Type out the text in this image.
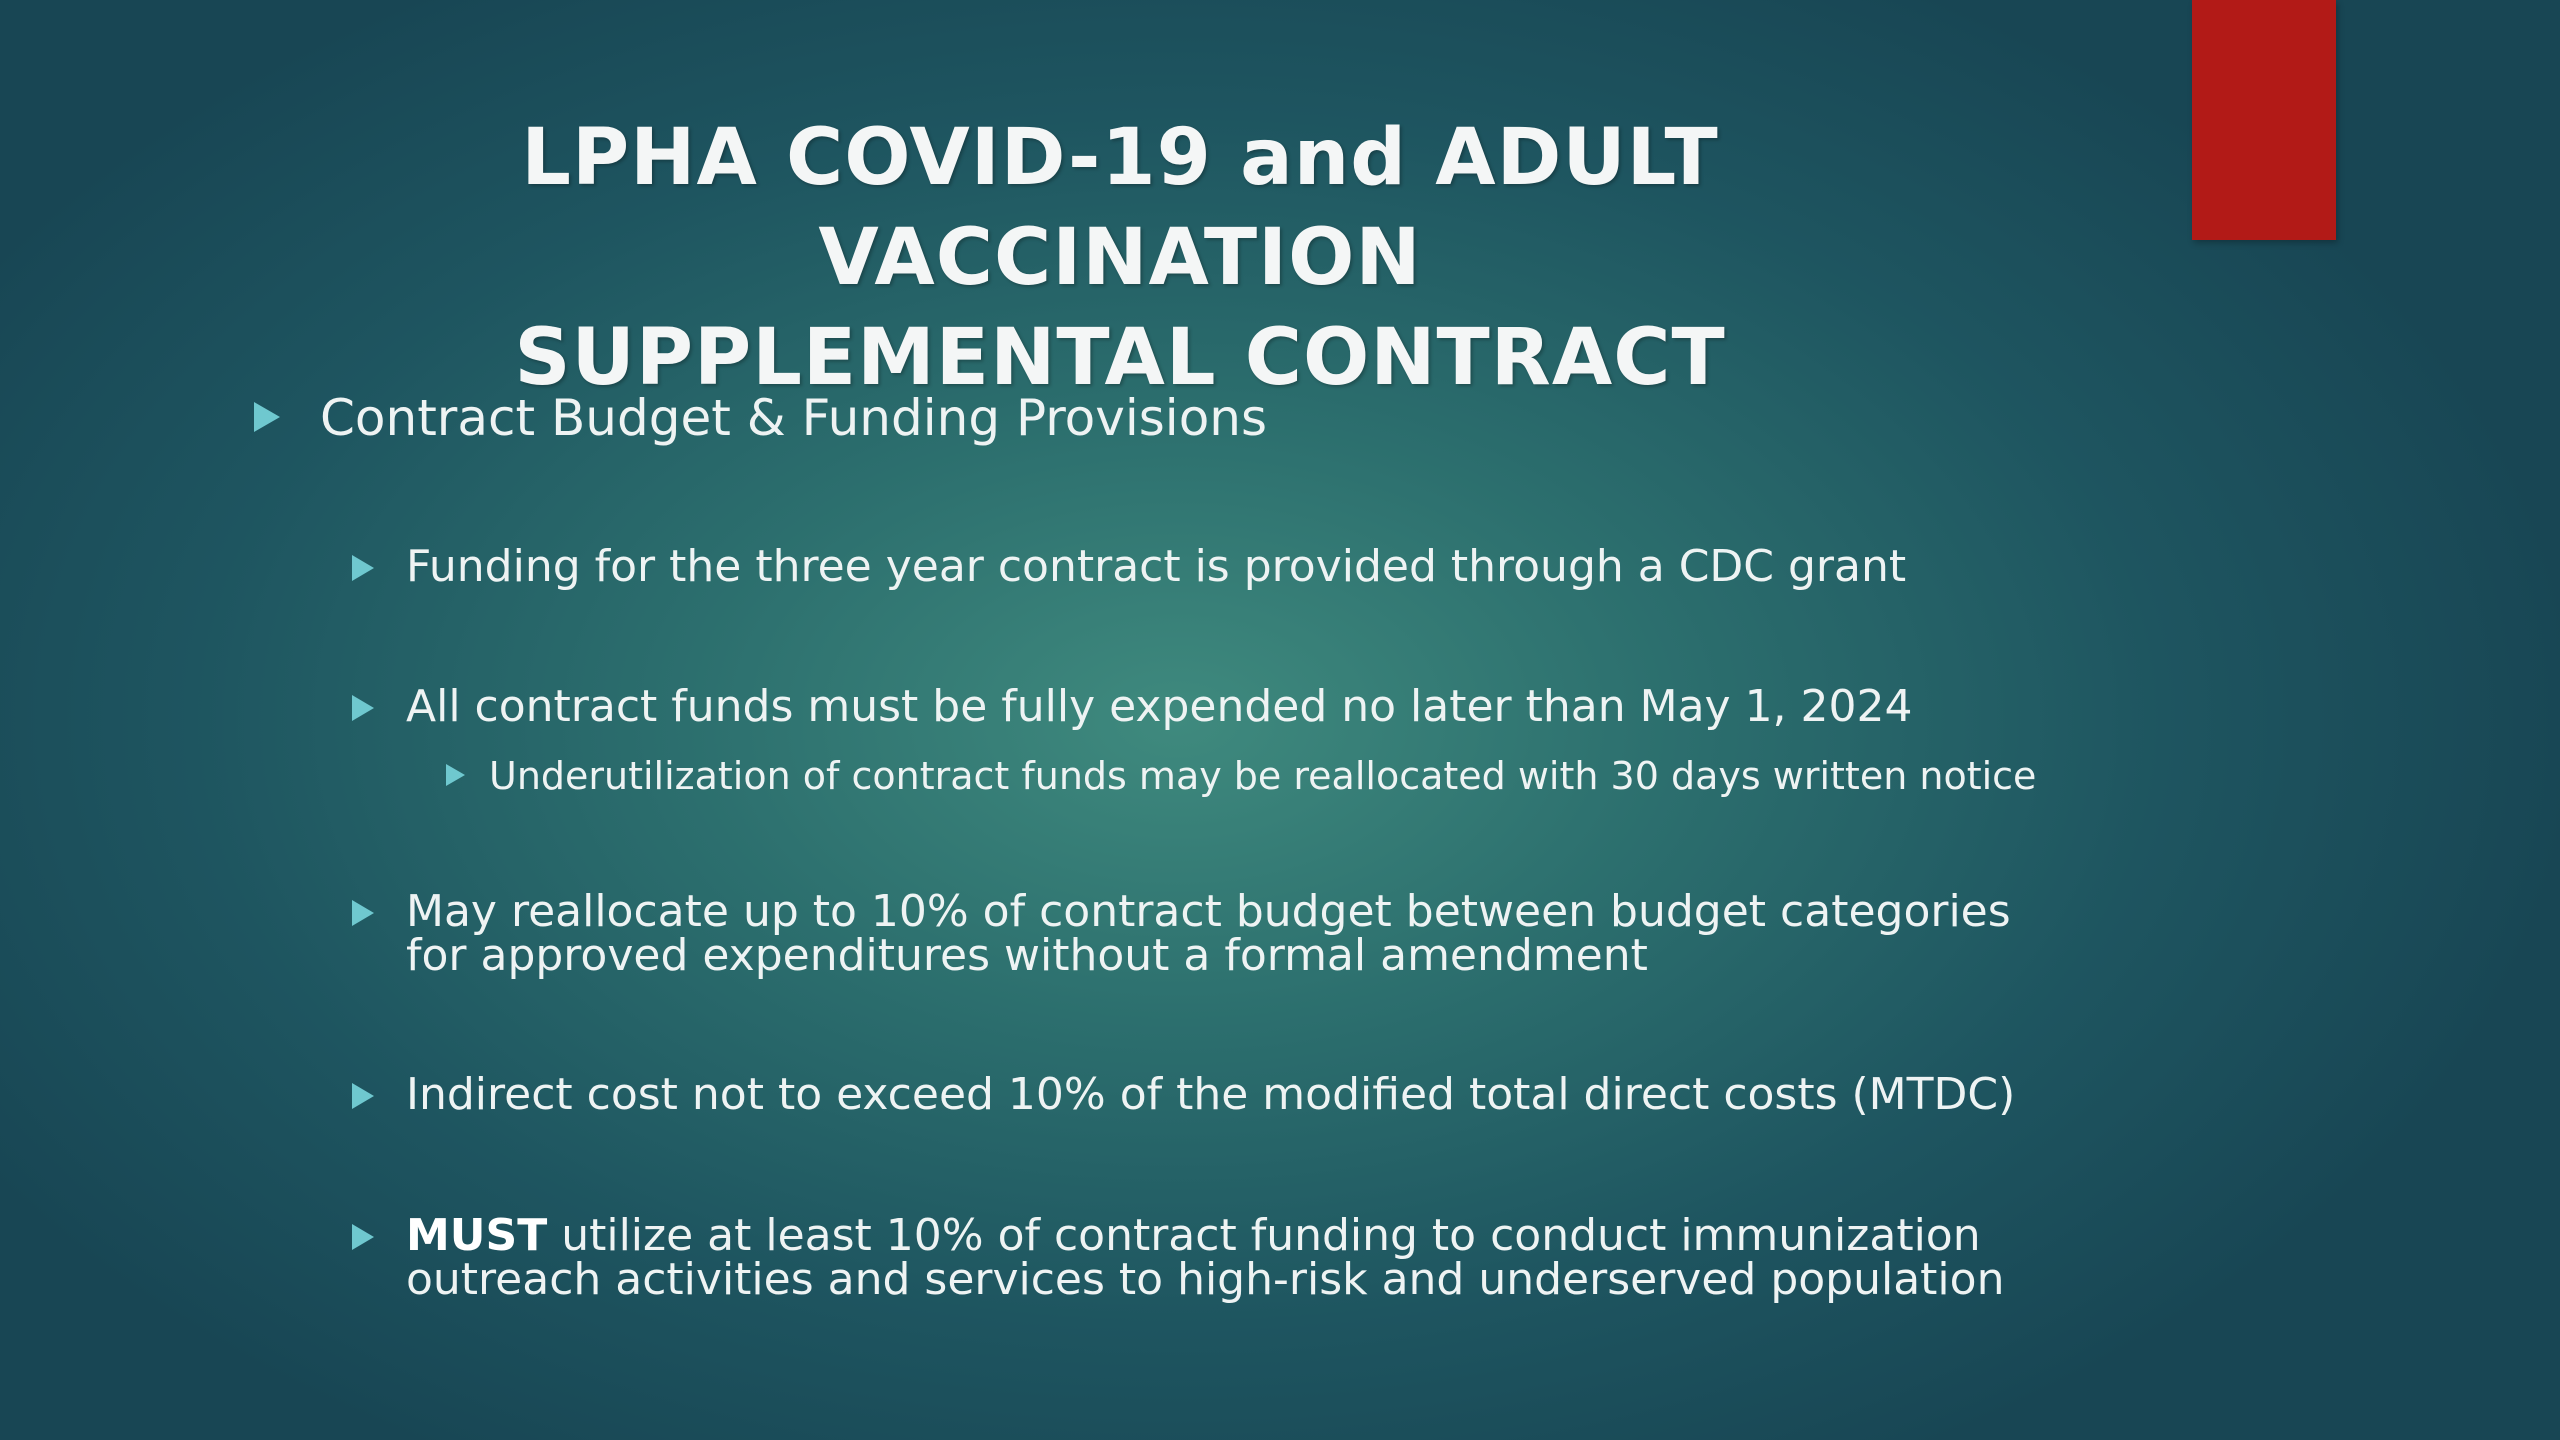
LPHA COVID-19 and ADULT VACCINATION
SUPPLEMENTAL CONTRACT
Contract Budget & Funding Provisions
Funding for the three year contract is provided through a CDC grant
All contract funds must be fully expended no later than May 1, 2024
Underutilization of contract funds may be reallocated with 30 days written notice
May reallocate up to 10% of contract budget between budget categories
for approved expenditures without a formal amendment
Indirect cost not to exceed 10% of the modified total direct costs (MTDC)
MUST utilize at least 10% of contract funding to conduct immunization
outreach activities and services to high-risk and underserved population
